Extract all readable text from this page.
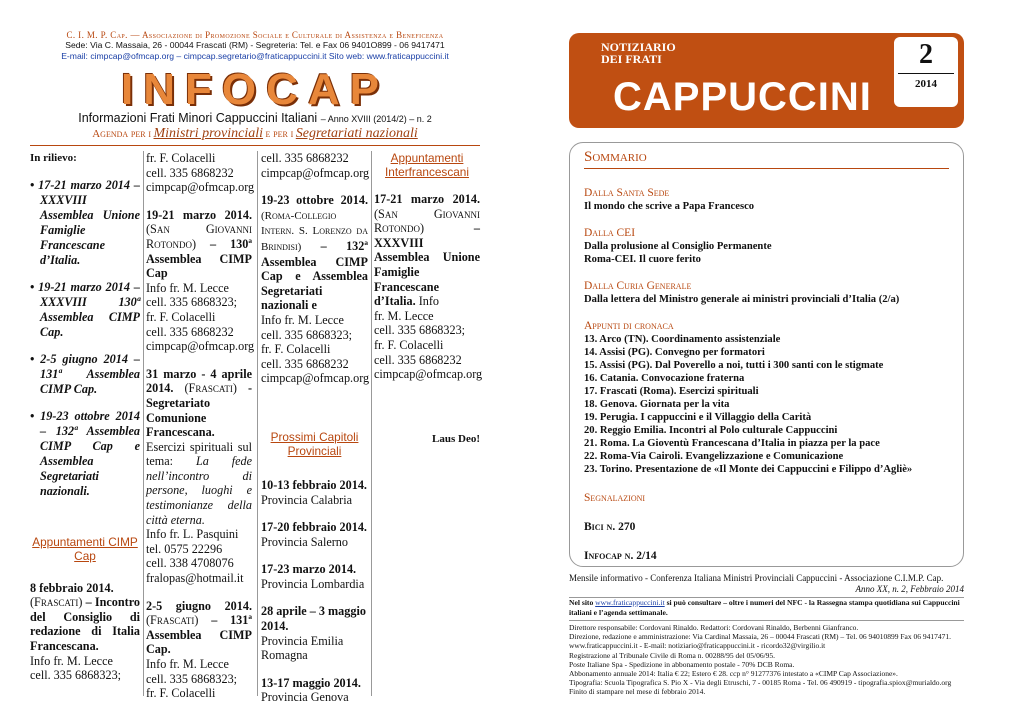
C. I. M. P. Cap. — Associazione di Promozione Sociale e Culturale di Assistenza e Beneficenza
Sede: Via C. Massaia, 26 - 00044 Frascati (RM) - Segreteria: Tel. e Fax 06 9401O899 - 06 9417471
E-mail: cimpcap@ofmcap.org – cimpcap.segretario@fraticappuccini.it Sito web: www.fraticappuccini.it
INFOCAP
Informazioni Frati Minori Cappuccini Italiani – Anno XVIII (2014/2) – n. 2
Agenda per i Ministri provinciali e per i Segretariati nazionali

In rilievo:

• 17-21 marzo 2014 – XXXVIII Assemblea Unione Famiglie Francescane d’Italia.

• 19-21 marzo 2014 – XXXVIII 130ª Assemblea CIMP Cap.

• 2-5 giugno 2014 – 131ª Assemblea CIMP Cap.

• 19-23 ottobre 2014 – 132ª Assemblea CIMP Cap e Assemblea Segretariati nazionali.

Appuntamenti CIMP Cap

8 febbraio 2014.
(Frascati) – Incontro del Consiglio di redazione di Italia Francescana.

Info fr. M. Lecce

cell. 335 6868323;

fr. F. Colacelli

cell. 335 6868232

cimpcap@ofmcap.org

19-21 marzo 2014. (San Giovanni Rotondo) – 130ª Assemblea CIMP Cap

Info fr. M. Lecce

cell. 335 6868323;

fr. F. Colacelli

cell. 335 6868232

cimpcap@ofmcap.org

31 marzo - 4 aprile 2014. (Frascati) - Segretariato Comunione Francescana. Esercizi spirituali sul tema: La fede nell’incontro di persone, luoghi e testimonianze della città eterna.

Info fr. L. Pasquini

tel. 0575 22296

cell. 338 4708076

fralopas@hotmail.it

2-5 giugno 2014. (Frascati) – 131ª Assemblea CIMP Cap.

Info fr. M. Lecce

cell. 335 6868323;

fr. F. Colacelli

cell. 335 6868232

cimpcap@ofmcap.org

19-23 ottobre 2014. (Roma-Collegio Intern. S. Lorenzo da Brindisi) – 132ª Assemblea CIMP Cap e Assemblea Segretariati nazionali e

Info fr. M. Lecce

cell. 335 6868323;

fr. F. Colacelli

cell. 335 6868232

cimpcap@ofmcap.org

Prossimi Capitoli Provinciali

10-13 febbraio 2014.

Provincia Calabria

17-20 febbraio 2014.

Provincia Salerno

17-23 marzo 2014.

Provincia Lombardia

28 aprile – 3 maggio 2014.

Provincia Emilia Romagna

13-17 maggio 2014.

Provincia Genova

Appuntamenti Interfrancescani

17-21 marzo 2014. (San Giovanni Rotondo)	– XXXVIII Assemblea Unione Famiglie Francescane d’Italia. Info

fr. M. Lecce

cell. 335 6868323;

fr. F. Colacelli

cell. 335 6868232

cimpcap@ofmcap.org

Laus Deo!

NOTIZIARIO
DEI FRATI
CAPPUCCINI
2
2014
Sommario
Dalla Santa Sede
Il mondo che scrive a Papa Francesco
Dalla CEI
Dalla prolusione al Consiglio Permanente
Roma-CEI. Il cuore ferito
Dalla Curia Generale
Dalla lettera del Ministro generale ai ministri provinciali d’Italia (2/a)
Appunti di cronaca
13. Arco (TN). Coordinamento assistenziale
14. Assisi (PG). Convegno per formatori
15. Assisi (PG). Dal Poverello a noi, tutti i 300 santi con le stigmate
16. Catania. Convocazione fraterna
17. Frascati (Roma). Esercizi spirituali
18. Genova. Giornata per la vita
19. Perugia. I cappuccini e il Villaggio della Carità
20. Reggio Emilia. Incontri al Polo culturale Cappuccini
21. Roma. La Gioventù Francescana d’Italia in piazza per la pace
22. Roma-Via Cairoli. Evangelizzazione e Comunicazione
23. Torino. Presentazione de «Il Monte dei Cappuccini e Filippo d’Agliè»
Segnalazioni
Bici n. 270
Infocap n. 2/14
Mensile informativo - Conferenza Italiana Ministri Provinciali Cappuccini - Associazione C.I.M.P. Cap.
Anno XX, n. 2, Febbraio 2014
Nel sito www.fraticappuccini.it si può consultare – oltre i numeri del NFC - la Rassegna stampa quotidiana sui Cappuccini italiani e l’agenda settimanale.
Direttore responsabile: Cordovani Rinaldo. Redattori: Cordovani Rinaldo, Berbenni Gianfranco.
Direzione, redazione e amministrazione: Via Cardinal Massaia, 26 – 00044 Frascati (RM) – Tel. 06 94010899 Fax 06 9417471.
www.fraticappuccini.it - E-mail: notiziario@fraticappuccini.it - ricordo32@virgilio.it
Registrazione al Tribunale Civile di Roma n. 00288/95 del 05/06/95.
Poste Italiane Spa - Spedizione in abbonamento postale - 70% DCB Roma.
Abbonamento annuale 2014: Italia € 22; Estero € 28. ccp n° 91277376 intestato a «CIMP Cap Associazione».
Tipografia: Scuola Tipografica S. Pio X - Via degli Etruschi, 7 - 00185 Roma - Tel. 06 490919 - tipografia.spiox@murialdo.org
Finito di stampare nel mese di febbraio 2014.
